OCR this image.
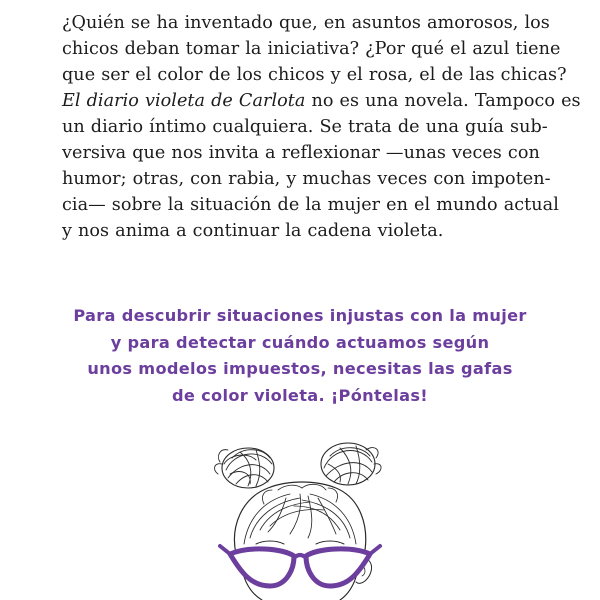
¿Quién se ha inventado que, en asuntos amorosos, los
chicos deban tomar la iniciativa? ¿Por qué el azul tiene
que ser el color de los chicos y el rosa, el de las chicas?
El diario violeta de Carlota no es una novela. Tampoco es
un diario íntimo cualquiera. Se trata de una guía sub-
versiva que nos invita a reflexionar —unas veces con
humor; otras, con rabia, y muchas veces con impoten-
cia— sobre la situación de la mujer en el mundo actual
y nos anima a continuar la cadena violeta.
Para descubrir situaciones injustas con la mujer
y para detectar cuándo actuamos según
unos modelos impuestos, necesitas las gafas
de color violeta. ¡Póntelas!
